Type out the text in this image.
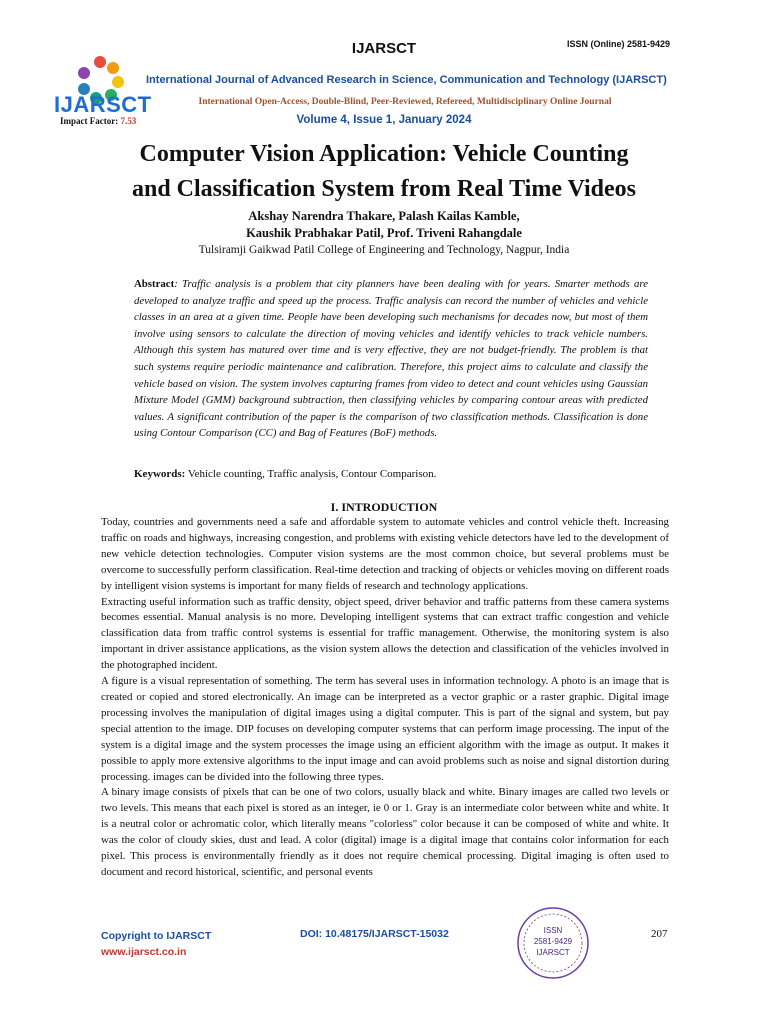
IJARSCT
Impact Factor: 7.53
IJARSCT	ISSN (Online) 2581-9429
International Journal of Advanced Research in Science, Communication and Technology (IJARSCT)
International Open-Access, Double-Blind, Peer-Reviewed, Refereed, Multidisciplinary Online Journal
Volume 4, Issue 1, January 2024
Computer Vision Application: Vehicle Counting
and Classification System from Real Time Videos
Akshay Narendra Thakare, Palash Kailas Kamble,
Kaushik Prabhakar Patil, Prof. Triveni Rahangdale
Tulsiramji Gaikwad Patil College of Engineering and Technology, Nagpur, India
Abstract: Traffic analysis is a problem that city planners have been dealing with for years. Smarter methods are developed to analyze traffic and speed up the process. Traffic analysis can record the number of vehicles and vehicle classes in an area at a given time. People have been developing such mechanisms for decades now, but most of them involve using sensors to calculate the direction of moving vehicles and identify vehicles to track vehicle numbers. Although this system has matured over time and is very effective, they are not budget-friendly. The problem is that such systems require periodic maintenance and calibration. Therefore, this project aims to calculate and classify the vehicle based on vision. The system involves capturing frames from video to detect and count vehicles using Gaussian Mixture Model (GMM) background subtraction, then classifying vehicles by comparing contour areas with predicted values. A significant contribution of the paper is the comparison of two classification methods. Classification is done using Contour Comparison (CC) and Bag of Features (BoF) methods.
Keywords: Vehicle counting, Traffic analysis, Contour Comparison.
I. INTRODUCTION

Today, countries and governments need a safe and affordable system to automate vehicles and control vehicle theft. Increasing traffic on roads and highways, increasing congestion, and problems with existing vehicle detectors have led to the development of new vehicle detection technologies. Computer vision systems are the most common choice, but several problems must be overcome to successfully perform classification. Real-time detection and tracking of objects or vehicles moving on different roads by intelligent vision systems is important for many fields of research and technology applications.

Extracting useful information such as traffic density, object speed, driver behavior and traffic patterns from these camera systems becomes essential. Manual analysis is no more. Developing intelligent systems that can extract traffic congestion and vehicle classification data from traffic control systems is essential for traffic management. Otherwise, the monitoring system is also important in driver assistance applications, as the vision system allows the detection and classification of the vehicles involved in the photographed incident.

A figure is a visual representation of something. The term has several uses in information technology. A photo is an image that is created or copied and stored electronically. An image can be interpreted as a vector graphic or a raster graphic. Digital image processing involves the manipulation of digital images using a digital computer. This is part of the signal and system, but pay special attention to the image. DIP focuses on developing computer systems that can perform image processing. The input of the system is a digital image and the system processes the image using an efficient algorithm with the image as output. It makes it possible to apply more extensive algorithms to the input image and can avoid problems such as noise and signal distortion during processing. images can be divided into the following three types.

A binary image consists of pixels that can be one of two colors, usually black and white. Binary images are called two levels or two levels. This means that each pixel is stored as an integer, ie 0 or 1. Gray is an intermediate color between white and white. It is a neutral color or achromatic color, which literally means "colorless" color because it can be composed of white and white. It was the color of cloudy skies, dust and lead. A color (digital) image is a digital image that contains color information for each pixel. This process is environmentally friendly as it does not require chemical processing. Digital imaging is often used to document and record historical, scientific, and personal events

Copyright to IJARSCT
www.ijarsct.co.in
DOI: 10.48175/IJARSCT-15032	ISSN
2581-9429
IJARSCT
207
